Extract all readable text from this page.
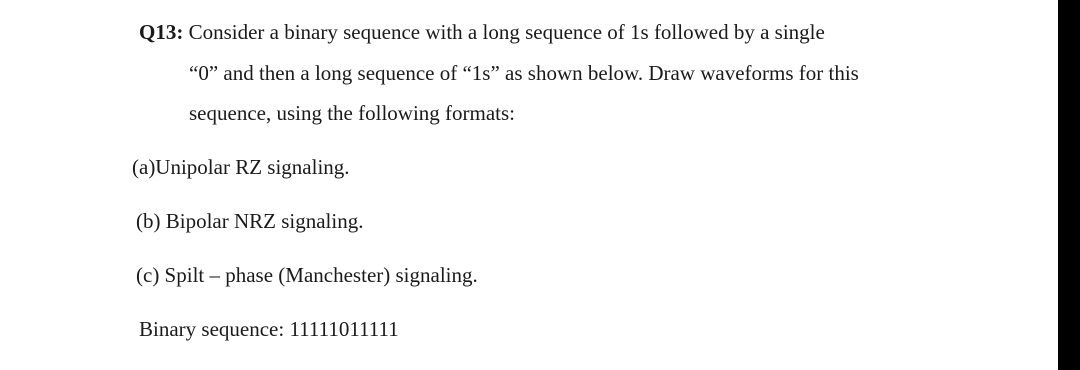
Q13: Consider a binary sequence with a long sequence of 1s followed by a single
“0” and then a long sequence of “1s” as shown below. Draw waveforms for this
sequence, using the following formats:
(a)Unipolar RZ signaling.
(b) Bipolar NRZ signaling.
(c) Spilt – phase (Manchester) signaling.
Binary sequence: 11111011111
